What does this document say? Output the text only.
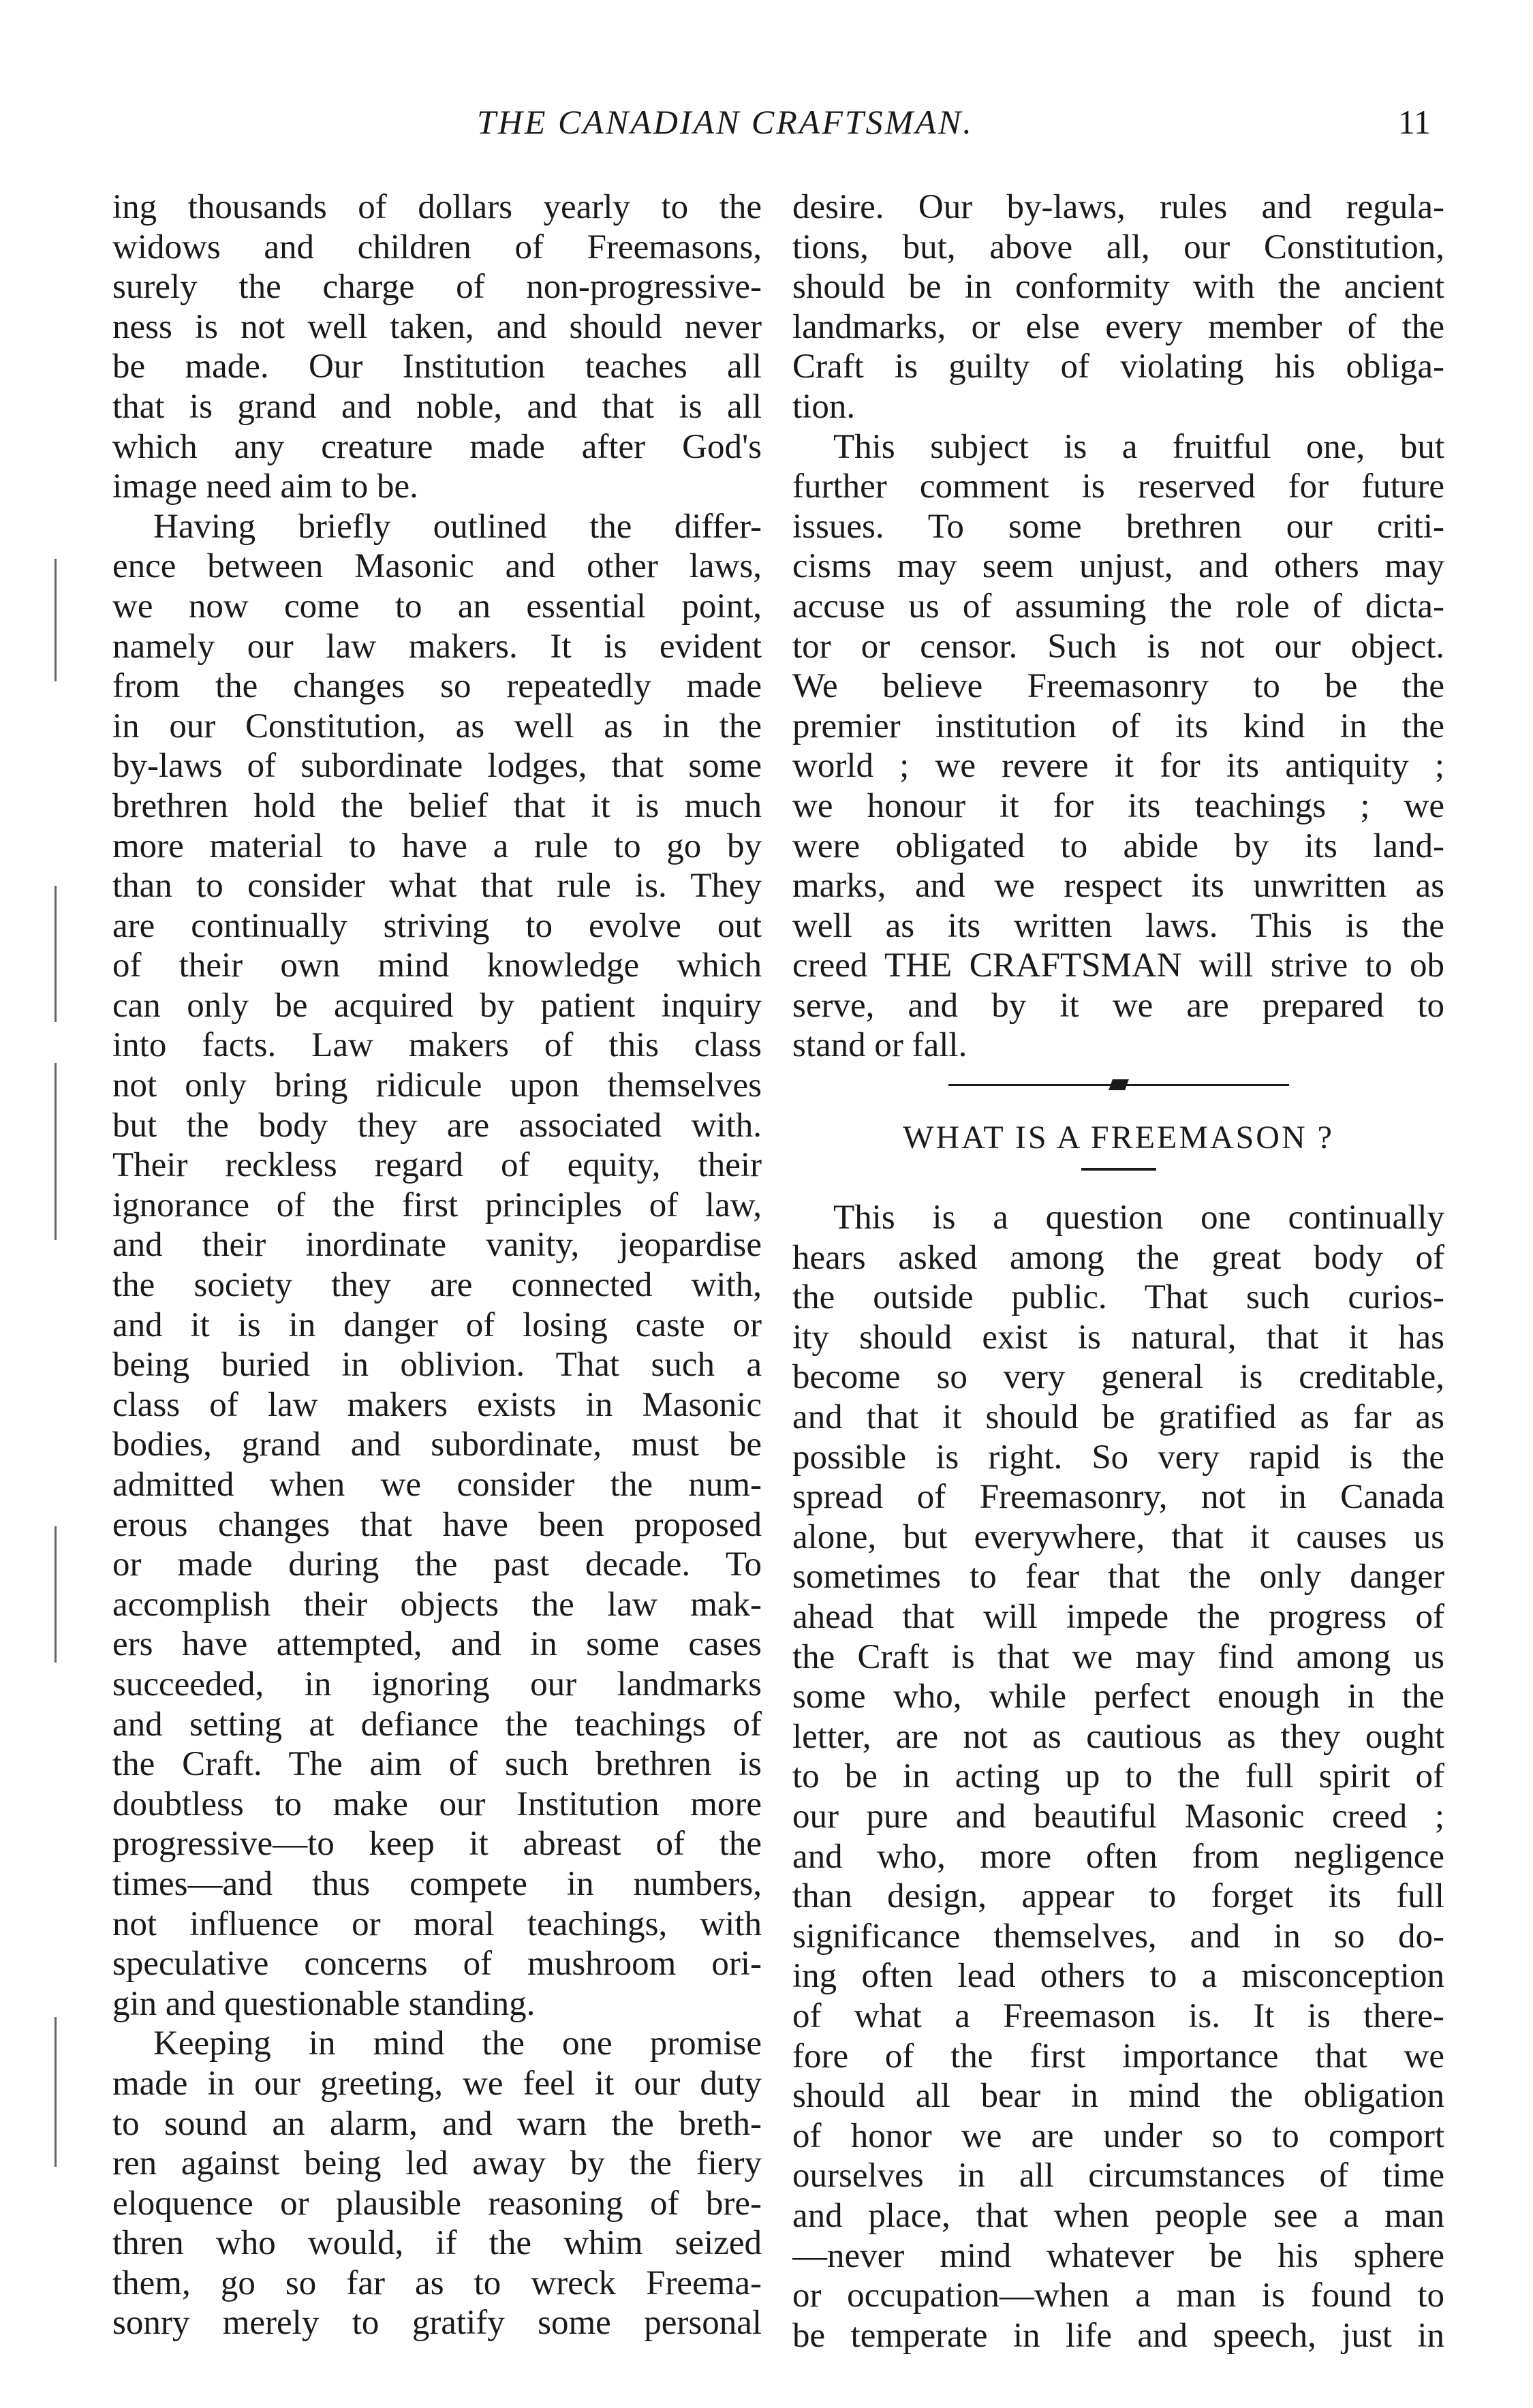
THE CANADIAN CRAFTSMAN.	11
ing thousands of dollars yearly to the
widows and children of Freemasons,
surely the charge of non-progressive-
ness is not well taken, and should never
be made. Our Institution teaches all
that is grand and noble, and that is all
which any creature made after God's
image need aim to be.
Having briefly outlined the differ-
ence between Masonic and other laws,
we now come to an essential point,
namely our law makers. It is evident
from the changes so repeatedly made
in our Constitution, as well as in the
by-laws of subordinate lodges, that some
brethren hold the belief that it is much
more material to have a rule to go by
than to consider what that rule is. They
are continually striving to evolve out
of their own mind knowledge which
can only be acquired by patient inquiry
into facts. Law makers of this class
not only bring ridicule upon themselves
but the body they are associated with.
Their reckless regard of equity, their
ignorance of the first principles of law,
and their inordinate vanity, jeopardise
the society they are connected with,
and it is in danger of losing caste or
being buried in oblivion. That such a
class of law makers exists in Masonic
bodies, grand and subordinate, must be
admitted when we consider the num-
erous changes that have been proposed
or made during the past decade. To
accomplish their objects the law mak-
ers have attempted, and in some cases
succeeded, in ignoring our landmarks
and setting at defiance the teachings of
the Craft. The aim of such brethren is
doubtless to make our Institution more
progressive—to keep it abreast of the
times—and thus compete in numbers,
not influence or moral teachings, with
speculative concerns of mushroom ori-
gin and questionable standing.
Keeping in mind the one promise
made in our greeting, we feel it our duty
to sound an alarm, and warn the breth-
ren against being led away by the fiery
eloquence or plausible reasoning of bre-
thren who would, if the whim seized
them, go so far as to wreck Freema-
sonry merely to gratify some personal
desire. Our by-laws, rules and regula-
tions, but, above all, our Constitution,
should be in conformity with the ancient
landmarks, or else every member of the
Craft is guilty of violating his obliga-
tion.
This subject is a fruitful one, but
further comment is reserved for future
issues. To some brethren our criti-
cisms may seem unjust, and others may
accuse us of assuming the role of dicta-
tor or censor. Such is not our object.
We believe Freemasonry to be the
premier institution of its kind in the
world ; we revere it for its antiquity ;
we honour it for its teachings ; we
were obligated to abide by its land-
marks, and we respect its unwritten as
well as its written laws. This is the
creed THE CRAFTSMAN will strive to ob
serve, and by it we are prepared to
stand or fall.
WHAT IS A FREEMASON ?
This is a question one continually
hears asked among the great body of
the outside public. That such curios-
ity should exist is natural, that it has
become so very general is creditable,
and that it should be gratified as far as
possible is right. So very rapid is the
spread of Freemasonry, not in Canada
alone, but everywhere, that it causes us
sometimes to fear that the only danger
ahead that will impede the progress of
the Craft is that we may find among us
some who, while perfect enough in the
letter, are not as cautious as they ought
to be in acting up to the full spirit of
our pure and beautiful Masonic creed ;
and who, more often from negligence
than design, appear to forget its full
significance themselves, and in so do-
ing often lead others to a misconception
of what a Freemason is. It is there-
fore of the first importance that we
should all bear in mind the obligation
of honor we are under so to comport
ourselves in all circumstances of time
and place, that when people see a man
—never mind whatever be his sphere
or occupation—when a man is found to
be temperate in life and speech, just in
